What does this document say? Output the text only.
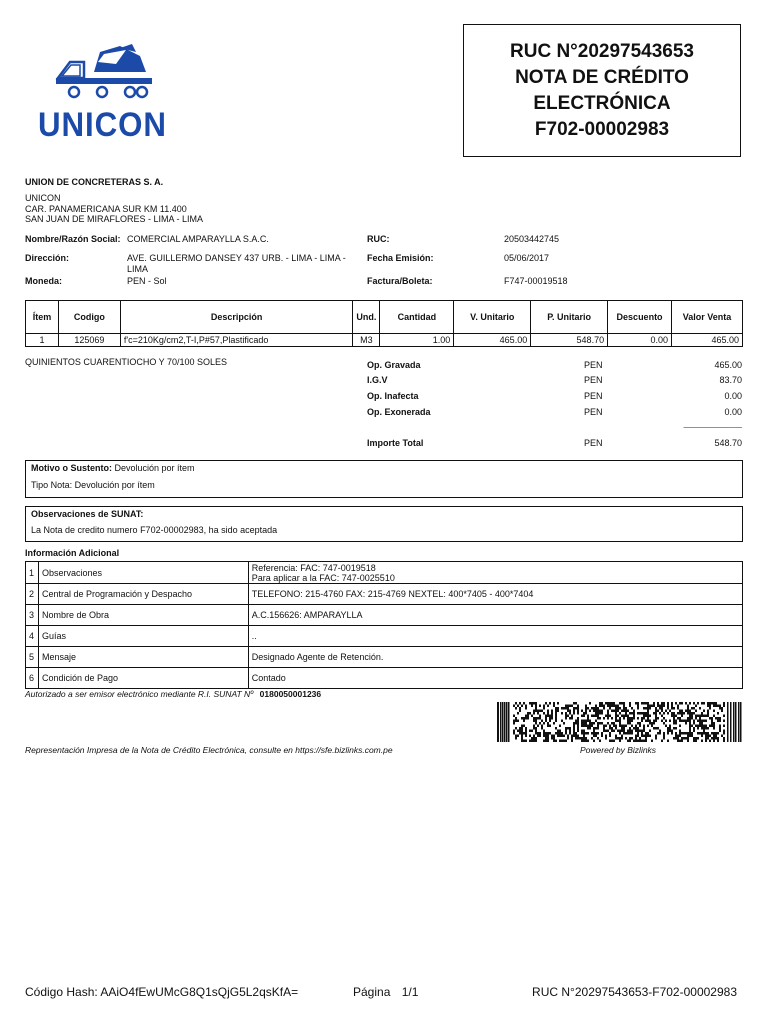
UNICON
RUC N°20297543653
NOTA DE CRÉDITO
ELECTRÓNICA
F702-00002983
UNION DE CONCRETERAS S. A.
UNICON
CAR. PANAMERICANA SUR KM 11.400
SAN JUAN DE MIRAFLORES - LIMA - LIMA
Nombre/Razón Social: COMERCIAL AMPARAYLLA S.A.C.
Dirección:	AVE. GUILLERMO DANSEY 437 URB. - LIMA - LIMA -
LIMA
Moneda:	PEN - Sol
RUC:	20503442745
Fecha Emisión:	05/06/2017
Factura/Boleta:	F747-00019518
Ítem	Codigo	Descripción	Und.	Cantidad	V. Unitario	P. Unitario	Descuento	Valor Venta
1	125069	f'c=210Kg/cm2,T-I,P#57,Plastificado	M3	1.00	465.00	548.70	0.00	465.00
QUINIENTOS CUARENTIOCHO Y 70/100 SOLES	Op. Gravada	PEN	465.00
I.G.V	PEN	83.70
Op. Inafecta	PEN	0.00
Op. Exonerada	PEN	0.00
_______________
Importe Total	PEN	548.70
Motivo o Sustento: Devolución por ítem
Tipo Nota: Devolución por ítem
Observaciones de SUNAT:
La Nota de credito numero F702-00002983, ha sido aceptada
Información Adicional
1	Observaciones	Referencia: FAC: 747-0019518
Para aplicar a la FAC: 747-0025510

2	Central de Programación y Despacho	TELEFONO: 215-4760 FAX: 215-4769 NEXTEL: 400*7405 - 400*7404
3	Nombre de Obra	A.C.156626: AMPARAYLLA
4	Guías	..
5	Mensaje	Designado Agente de Retención.
6	Condición de Pago	Contado
Autorizado a ser emisor electrónico mediante R.I. SUNAT Nº 0180050001236
Representación Impresa de la Nota de Crédito Electrónica, consulte en https://sfe.bizlinks.com.pe	Powered by Bizlinks
Código Hash: AAiO4fEwUMcG8Q1sQjG5L2qsKfA=	Página 1/1	RUC N°20297543653-F702-00002983
